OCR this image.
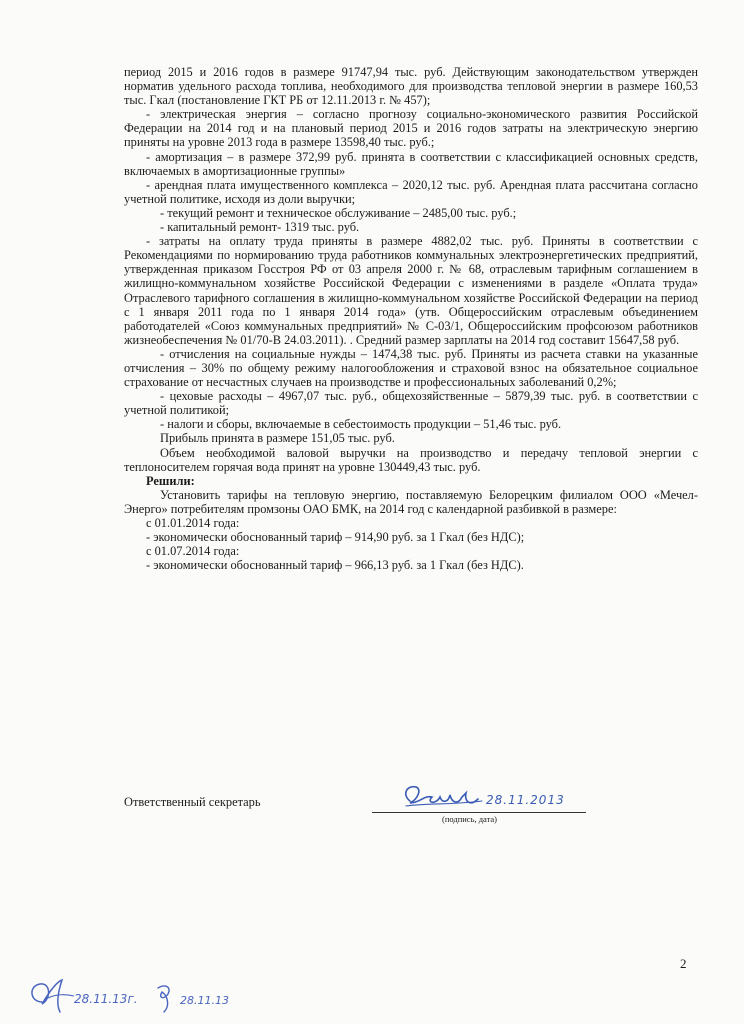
период 2015 и 2016 годов в размере 91747,94 тыс. руб. Действующим законодательством утвержден норматив удельного расхода топлива, необходимого для производства тепловой энергии в размере 160,53 тыс. Гкал (постановление ГКТ РБ от 12.11.2013 г. № 457);

- электрическая энергия – согласно прогнозу социально-экономического развития Российской Федерации на 2014 год и на плановый период 2015 и 2016 годов затраты на электрическую энергию приняты на уровне 2013 года в размере 13598,40 тыс. руб.;

- амортизация – в размере 372,99 руб. принята в соответствии с классификацией основных средств, включаемых в амортизационные группы»

- арендная плата имущественного комплекса – 2020,12 тыс. руб. Арендная плата рассчитана согласно учетной политике, исходя из доли выручки;

- текущий ремонт и техническое обслуживание – 2485,00 тыс. руб.;

- капитальный ремонт- 1319 тыс. руб.

- затраты на оплату труда приняты в размере 4882,02 тыс. руб. Приняты в соответствии с Рекомендациями по нормированию труда работников коммунальных электроэнергетических предприятий, утвержденная приказом Госстроя РФ от 03 апреля 2000 г. № 68, отраслевым тарифным соглашением в жилищно-коммунальном хозяйстве Российской Федерации с изменениями в разделе «Оплата труда» Отраслевого тарифного соглашения в жилищно-коммунальном хозяйстве Российской Федерации на период с 1 января 2011 года по 1 января 2014 года» (утв. Общероссийским отраслевым объединением работодателей «Союз коммунальных предприятий» № С-03/1, Общероссийским профсоюзом работников жизнеобеспечения № 01/70-В 24.03.2011). . Средний размер зарплаты на 2014 год составит 15647,58 руб.

- отчисления на социальные нужды – 1474,38 тыс. руб. Приняты из расчета ставки на указанные отчисления – 30% по общему режиму налогообложения и страховой взнос на обязательное социальное страхование от несчастных случаев на производстве и профессиональных заболеваний 0,2%;

- цеховые расходы – 4967,07 тыс. руб., общехозяйственные – 5879,39 тыс. руб. в соответствии с учетной политикой;

- налоги и сборы, включаемые в себестоимость продукции – 51,46 тыс. руб.

Прибыль принята в размере 151,05 тыс. руб.

Объем необходимой валовой выручки на производство и передачу тепловой энергии с теплоносителем горячая вода принят на уровне 130449,43 тыс. руб.

Решили:

Установить тарифы на тепловую энергию, поставляемую Белорецким филиалом ООО «Мечел-Энерго» потребителям промзоны ОАО БМК, на 2014 год с календарной разбивкой в размере:

с 01.01.2014 года:

- экономически обоснованный тариф – 914,90 руб. за 1 Гкал (без НДС);

с 01.07.2014 года:

- экономически обоснованный тариф – 966,13 руб. за 1 Гкал (без НДС).

Ответственный секретарь	28.11.2013
(подпись, дата)
2
28.11.13г.	28.11.13
